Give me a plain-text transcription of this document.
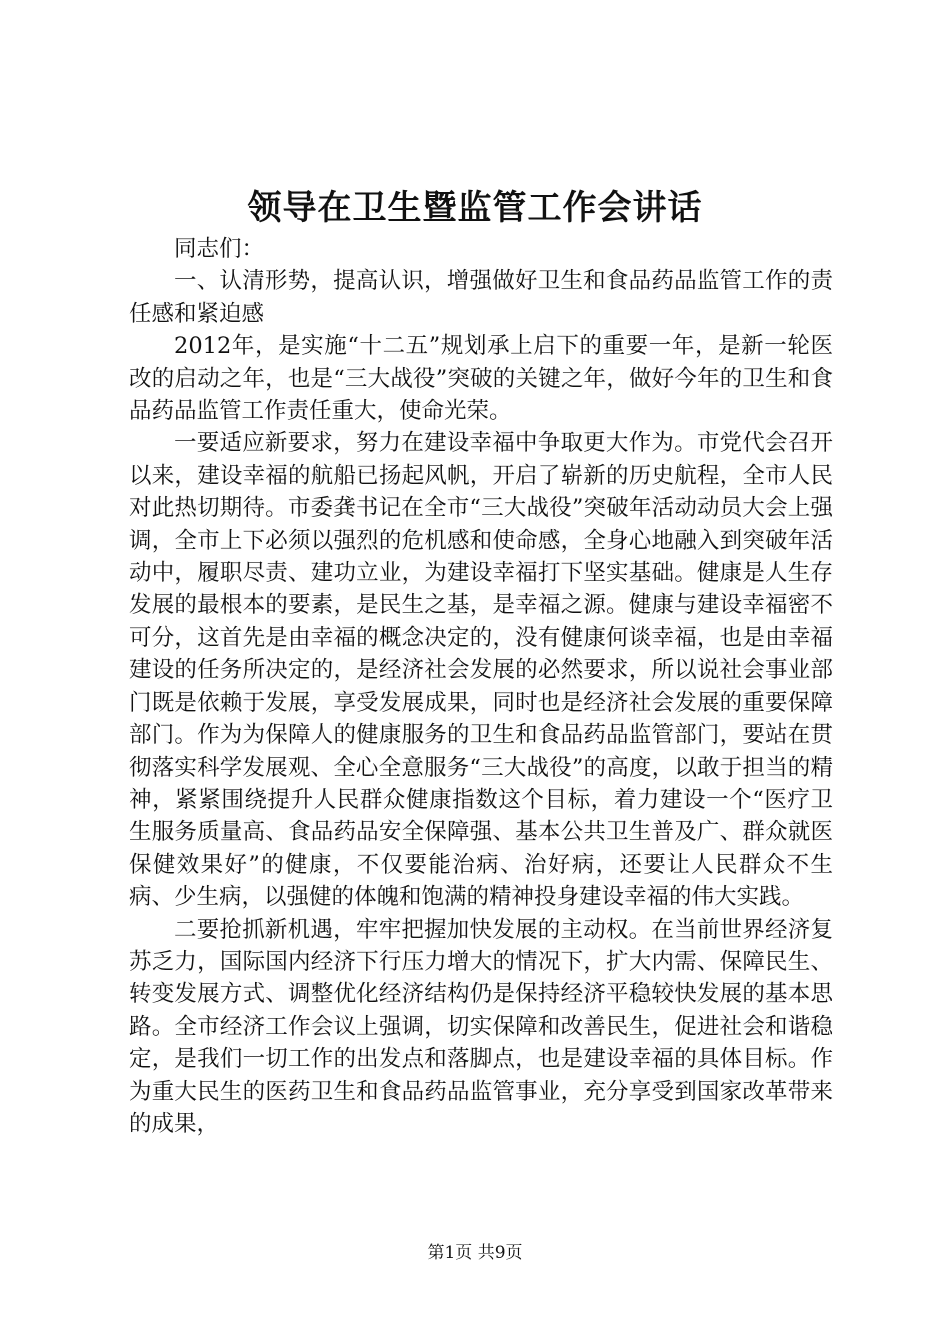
领导在卫生暨监管工作会讲话

同志们：

一、认清形势，提高认识，增强做好卫生和食品药品监管工作的责任感和紧迫感

2012年，是实施“十二五”规划承上启下的重要一年，是新一轮医改的启动之年，也是“三大战役”突破的关键之年，做好今年的卫生和食品药品监管工作责任重大，使命光荣。

一要适应新要求，努力在建设幸福中争取更大作为。市党代会召开以来，建设幸福的航船已扬起风帆，开启了崭新的历史航程，全市人民对此热切期待。市委龚书记在全市“三大战役”突破年活动动员大会上强调，全市上下必须以强烈的危机感和使命感，全身心地融入到突破年活动中，履职尽责、建功立业，为建设幸福打下坚实基础。健康是人生存发展的最根本的要素，是民生之基，是幸福之源。健康与建设幸福密不可分，这首先是由幸福的概念决定的，没有健康何谈幸福，也是由幸福建设的任务所决定的，是经济社会发展的必然要求，所以说社会事业部门既是依赖于发展，享受发展成果，同时也是经济社会发展的重要保障部门。作为为保障人的健康服务的卫生和食品药品监管部门，要站在贯彻落实科学发展观、全心全意服务“三大战役”的高度，以敢于担当的精神，紧紧围绕提升人民群众健康指数这个目标，着力建设一个“医疗卫生服务质量高、食品药品安全保障强、基本公共卫生普及广、群众就医保健效果好”的健康，不仅要能治病、治好病，还要让人民群众不生病、少生病，以强健的体魄和饱满的精神投身建设幸福的伟大实践。

二要抢抓新机遇，牢牢把握加快发展的主动权。在当前世界经济复苏乏力，国际国内经济下行压力增大的情况下，扩大内需、保障民生、转变发展方式、调整优化经济结构仍是保持经济平稳较快发展的基本思路。全市经济工作会议上强调，切实保障和改善民生，促进社会和谐稳定，是我们一切工作的出发点和落脚点，也是建设幸福的具体目标。作为重大民生的医药卫生和食品药品监管事业，充分享受到国家改革带来的成果，

第1页 共9页
